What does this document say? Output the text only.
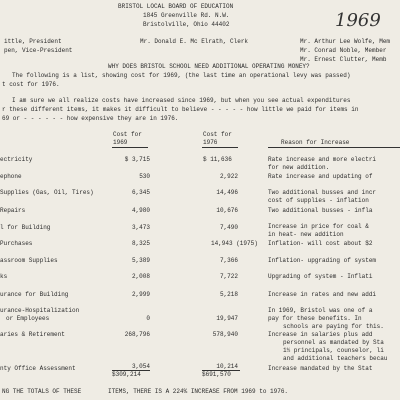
BRISTOL LOCAL BOARD OF EDUCATION
1845 Greenville Rd. N.W.
Bristolville, Ohio 44402	1969
ittle, President
pen, Vice-President
Mr. Donald E. Mc Elrath, Clerk	Mr. Arthur Lee Wolfe, Mem
Mr. Conrad Noble, Member
Mr. Ernest Clutter, Memb
WHY DOES BRISTOL SCHOOL NEED ADDITIONAL OPERATING MONEY?
The following is a list, showing cost for 1969, (the last time an operational levy was passed)
t cost for 1976.
I am sure we all realize costs have increased since 1969, but when you see actual expenditures
r these different items, it makes it difficult to believe - - - - - how little we paid for items in
69 or - - - - - - how expensive they are in 1976.
Cost for
1969
Cost for
1976	Reason for Increase
ectricity	$ 3,715	$ 11,636	Rate increase and more electri
for new addition.
ephone	530	2,922	Rate increase and updating of
Supplies (Gas, Oil, Tires)	6,345	14,496	Two additional busses and incr
cost of supplies - inflation
Repairs	4,980	10,676	Two additional busses - infla
l for Building	3,473	7,490	Increase in price for coal &
in heat- new addition
Purchases	8,325	14,943 (1975) Inflation- will cost about $2
assroom Supplies	5,389	7,366	Inflation- upgrading of system
ks	2,008	7,722	Upgrading of system - Inflati
urance for Building	2,999	5,218	Increase in rates and new addi
urance-Hospitalization
or Employees	0	19,947
In 1969, Bristol was one of a
pay for these benefits. In
schools are paying for this.
aries & Retirement	268,796	578,940	Increase in salaries plus add
personnel as mandated by Sta
1½ principals, counselor, li
and additional teachers becau
nty Office Assessment	3,054	10,214	Increase mandated by the Stat
$309,214	$691,570
NG THE TOTALS OF THESE	ITEMS, THERE IS A 224% INCREASE FROM 1969 to 1976.
